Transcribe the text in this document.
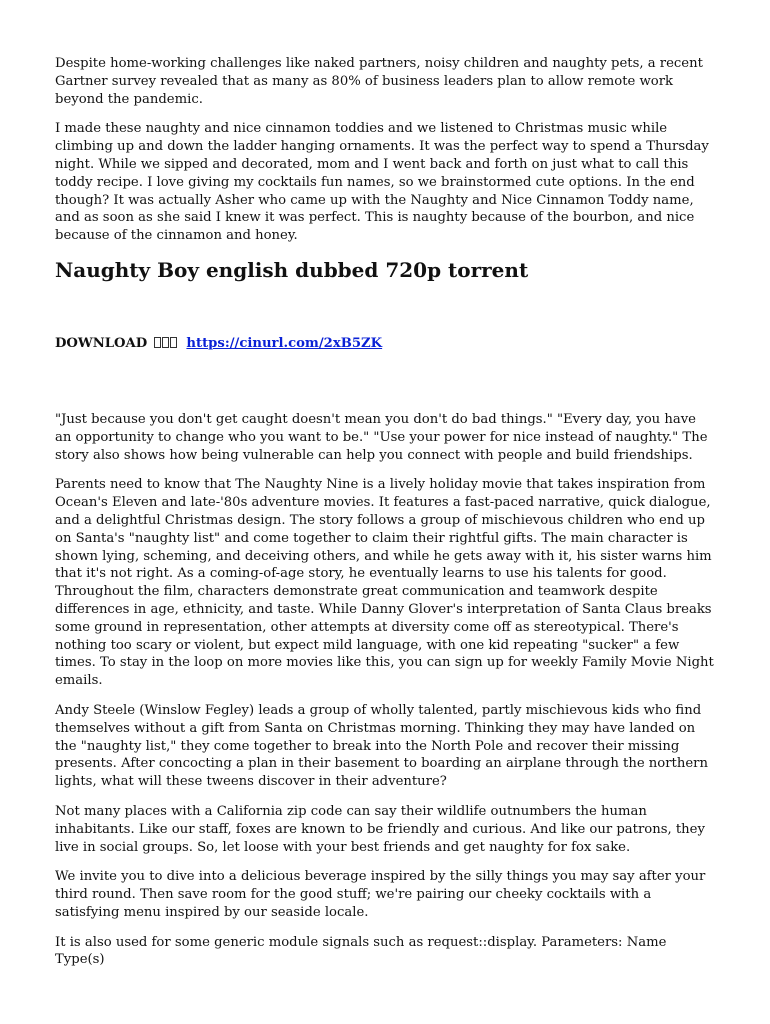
Despite home-working challenges like naked partners, noisy children and naughty pets, a recent Gartner survey revealed that as many as 80% of business leaders plan to allow remote work beyond the pandemic.

I made these naughty and nice cinnamon toddies and we listened to Christmas music while climbing up and down the ladder hanging ornaments. It was the perfect way to spend a Thursday night. While we sipped and decorated, mom and I went back and forth on just what to call this toddy recipe. I love giving my cocktails fun names, so we brainstormed cute options. In the end though? It was actually Asher who came up with the Naughty and Nice Cinnamon Toddy name, and as soon as she said I knew it was perfect. This is naughty because of the bourbon, and nice because of the cinnamon and honey.

Naughty Boy english dubbed 720p torrent
DOWNLOAD	https://cinurl.com/2xB5ZK

"Just because you don't get caught doesn't mean you don't do bad things." "Every day, you have an opportunity to change who you want to be." "Use your power for nice instead of naughty." The story also shows how being vulnerable can help you connect with people and build friendships.

Parents need to know that The Naughty Nine is a lively holiday movie that takes inspiration from Ocean's Eleven and late-'80s adventure movies. It features a fast-paced narrative, quick dialogue, and a delightful Christmas design. The story follows a group of mischievous children who end up on Santa's "naughty list" and come together to claim their rightful gifts. The main character is shown lying, scheming, and deceiving others, and while he gets away with it, his sister warns him that it's not right. As a coming-of-age story, he eventually learns to use his talents for good. Throughout the film, characters demonstrate great communication and teamwork despite differences in age, ethnicity, and taste. While Danny Glover's interpretation of Santa Claus breaks some ground in representation, other attempts at diversity come off as stereotypical. There's nothing too scary or violent, but expect mild language, with one kid repeating "sucker" a few times. To stay in the loop on more movies like this, you can sign up for weekly Family Movie Night emails.

Andy Steele (Winslow Fegley) leads a group of wholly talented, partly mischievous kids who find themselves without a gift from Santa on Christmas morning. Thinking they may have landed on the "naughty list," they come together to break into the North Pole and recover their missing presents. After concocting a plan in their basement to boarding an airplane through the northern lights, what will these tweens discover in their adventure?

Not many places with a California zip code can say their wildlife outnumbers the human inhabitants. Like our staff, foxes are known to be friendly and curious. And like our patrons, they live in social groups. So, let loose with your best friends and get naughty for fox sake.

We invite you to dive into a delicious beverage inspired by the silly things you may say after your third round. Then save room for the good stuff; we're pairing our cheeky cocktails with a satisfying menu inspired by our seaside locale.

It is also used for some generic module signals such as request::display. Parameters: Name Type(s)
